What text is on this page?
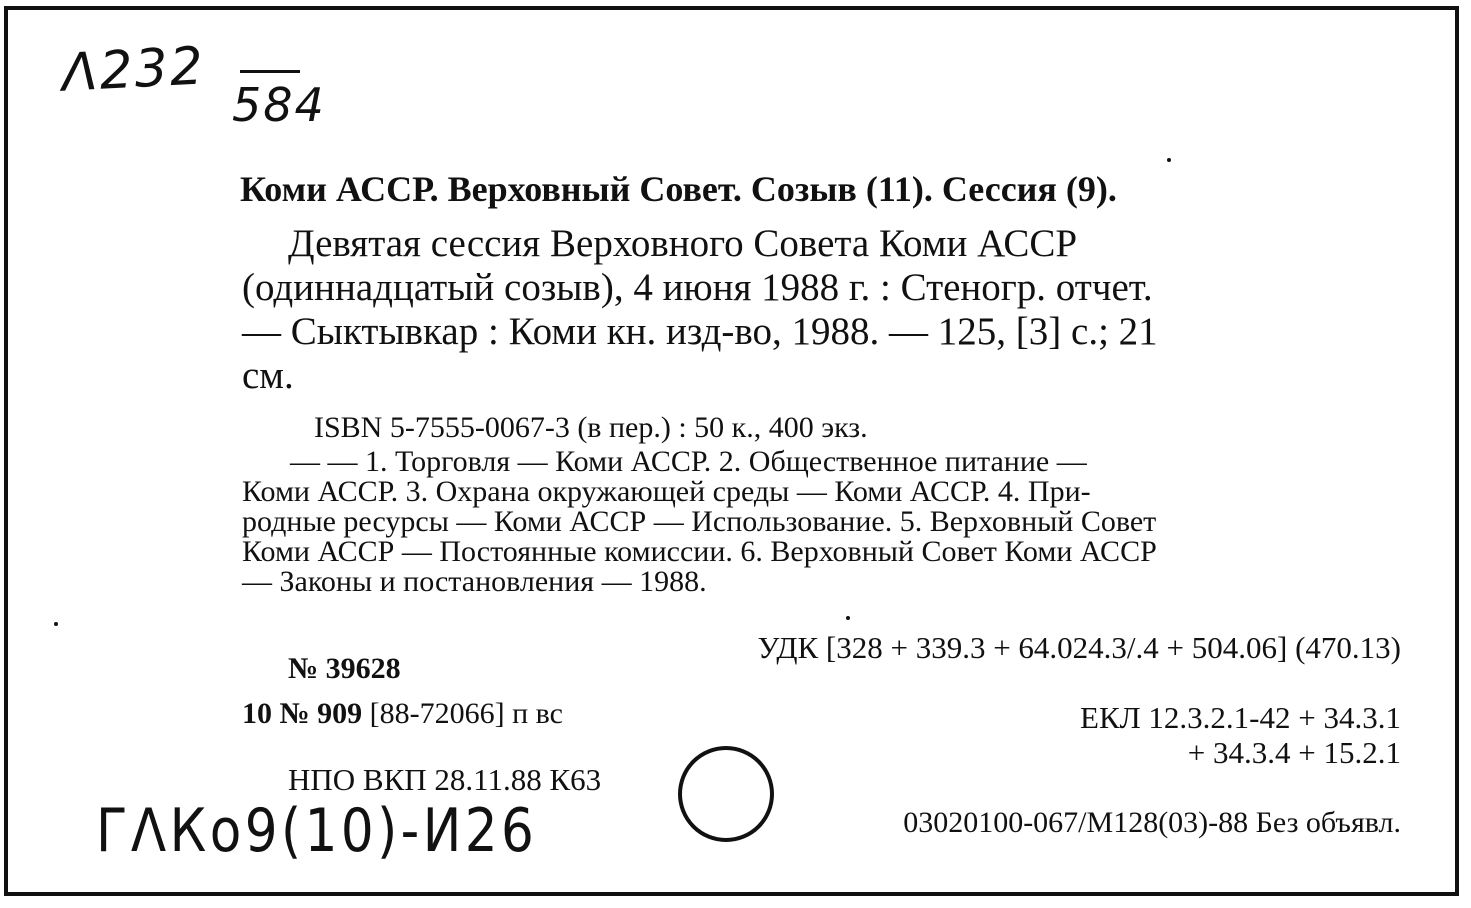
Λ232
584
Коми АССР. Верховный Совет. Созыв (11). Сессия (9).
Девятая сессия Верховного Совета Коми АССР
(одиннадцатый созыв), 4 июня 1988 г. : Стеногр. отчет.
— Сыктывкар : Коми кн. изд-во, 1988. — 125, [3] с.; 21
см.
ISBN 5-7555-0067-3 (в пер.) : 50 к., 400 экз.
— — 1. Торговля — Коми АССР. 2. Общественное питание —
Коми АССР. 3. Охрана окружающей среды — Коми АССР. 4. При-
родные ресурсы — Коми АССР — Использование. 5. Верховный Совет
Коми АССР — Постоянные комиссии. 6. Верховный Совет Коми АССР
— Законы и постановления — 1988.
УДК [328 + 339.3 + 64.024.3/.4 + 504.06] (470.13)
№ 39628
10 № 909 [88-72066] п вс	ЕКЛ 12.3.2.1-42 + 34.3.1
+ 34.3.4 + 15.2.1
НПО ВКП 28.11.88 К63
03020100-067/М128(03)-88 Без объявл.
ГΛКо9(10)-И26
